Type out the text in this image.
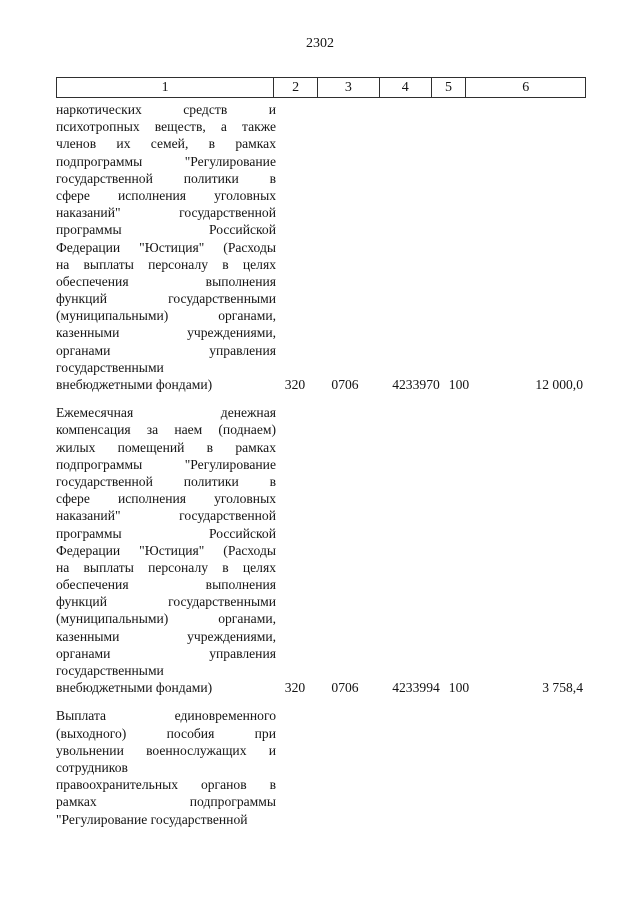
2302
1	2	3	4	5	6
наркотических средств и
психотропных веществ, а также
членов их семей, в рамках
подпрограммы "Регулирование
государственной политики в
сфере исполнения уголовных
наказаний" государственной
программы Российской
Федерации "Юстиция" (Расходы
на выплаты персоналу в целях
обеспечения выполнения
функций государственными
(муниципальными) органами,
казенными учреждениями,
органами управления
государственными
внебюджетными фондами)	320	0706	4233970 100	12 000,0
Ежемесячная денежная
компенсация за наем (поднаем)
жилых помещений в рамках
подпрограммы "Регулирование
государственной политики в
сфере исполнения уголовных
наказаний" государственной
программы Российской
Федерации "Юстиция" (Расходы
на выплаты персоналу в целях
обеспечения выполнения
функций государственными
(муниципальными) органами,
казенными учреждениями,
органами управления
государственными
внебюджетными фондами)	320	0706	4233994 100	3 758,4
Выплата единовременного
(выходного) пособия при
увольнении военнослужащих и
сотрудников
правоохранительных органов в
рамках подпрограммы
"Регулирование государственной
